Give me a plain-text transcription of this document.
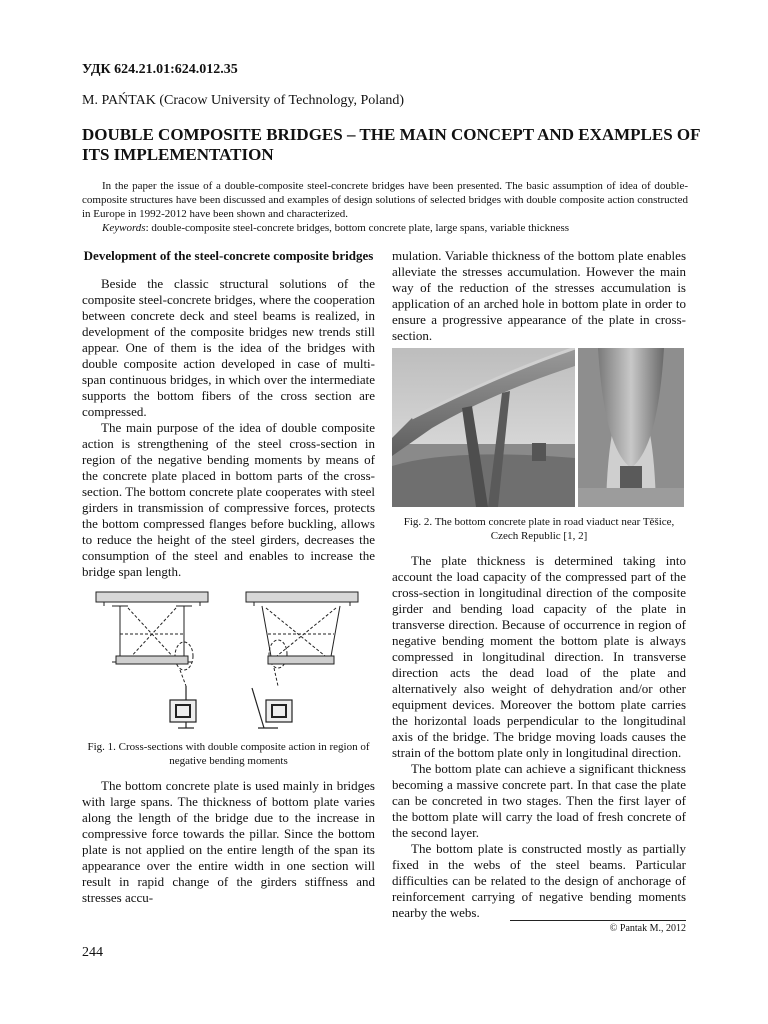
УДК 624.21.01:624.012.35
M. PAŃTAK (Cracow University of Technology, Poland)
DOUBLE COMPOSITE BRIDGES – THE MAIN CONCEPT AND EXAMPLES OF ITS IMPLEMENTATION

In the paper the issue of a double-composite steel-concrete bridges have been presented. The basic assumption of idea of double-composite structures have been discussed and examples of design solutions of selected bridges with double composite action constructed in Europe in 1992-2012 have been shown and characterized.

Keywords: double-composite steel-concrete bridges, bottom concrete plate, large spans, variable thickness

Development of the steel-concrete composite bridges

Beside the classic structural solutions of the composite steel-concrete bridges, where the cooperation between concrete deck and steel beams is realized, in development of the composite bridges new trends still appear. One of them is the idea of the bridges with double composite action developed in case of multi-span continuous bridges, in which over the intermediate supports the bottom fibers of the cross section are compressed.

The main purpose of the idea of double composite action is strengthening of the steel cross-section in region of the negative bending moments by means of the concrete plate placed in bottom parts of the cross-section. The bottom concrete plate cooperates with steel girders in transmission of compressive forces, protects the bottom compressed flanges before buckling, allows to reduce the height of the steel girders, decreases the consumption of the steel and enables to increase the bridge span length.

Fig. 1. Cross-sections with double composite action in region of negative bending moments

The bottom concrete plate is used mainly in bridges with large spans. The thickness of bottom plate varies along the length of the bridge due to the increase in compressive force towards the pillar. Since the bottom plate is not applied on the entire length of the span its appearance over the entire width in one section will result in rapid change of the girders stiffness and stresses accu-

mulation. Variable thickness of the bottom plate enables alleviate the stresses accumulation. However the main way of the reduction of the stresses accumulation is application of an arched hole in bottom plate in order to ensure a progressive appearance of the plate in cross-section.

Fig. 2. The bottom concrete plate in road viaduct near Těšice, Czech Republic [1, 2]

The plate thickness is determined taking into account the load capacity of the compressed part of the cross-section in longitudinal direction of the composite girder and bending load capacity of the plate in transverse direction. Because of occurrence in region of negative bending moment the bottom plate is always compressed in longitudinal direction. In transverse direction acts the dead load of the plate and alternatively also weight of dehydration and/or other equipment devices. Moreover the bottom plate carries the horizontal loads perpendicular to the longitudinal axis of the bridge. The bridge moving loads causes the strain of the bottom plate only in longitudinal direction.

The bottom plate can achieve a significant thickness becoming a massive concrete part. In that case the plate can be concreted in two stages. Then the first layer of the bottom plate will carry the load of fresh concrete of the second layer.

The bottom plate is constructed mostly as partially fixed in the webs of the steel beams. Particular difficulties can be related to the design of anchorage of reinforcement carrying of negative bending moments nearby the webs.

© Pantak M., 2012
244
